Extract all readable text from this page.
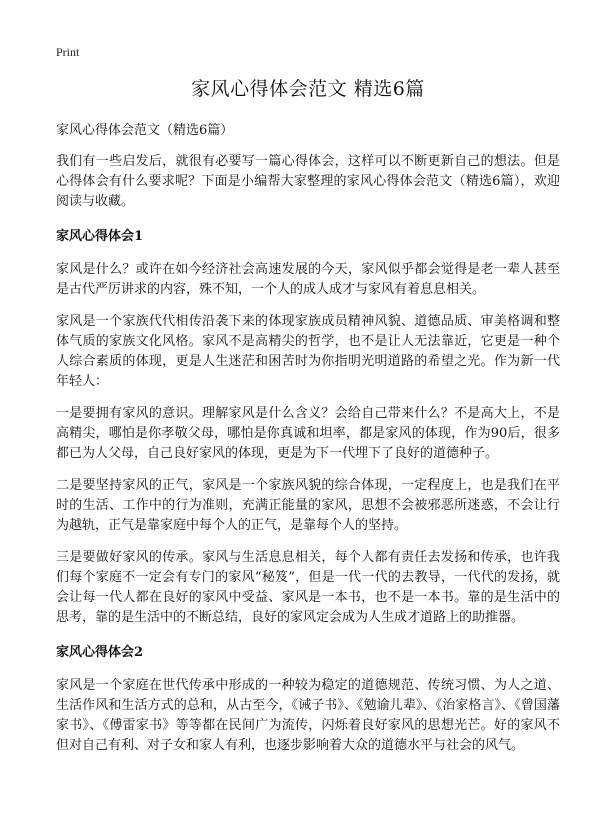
Print

家风心得体会范文 精选6篇

家风心得体会范文（精选6篇）

我们有一些启发后，就很有必要写一篇心得体会，这样可以不断更新自己的想法。但是心得体会有什么要求呢？下面是小编帮大家整理的家风心得体会范文（精选6篇），欢迎阅读与收藏。

家风心得体会1

家风是什么？或许在如今经济社会高速发展的今天，家风似乎都会觉得是老一辈人甚至是古代严厉讲求的内容，殊不知，一个人的成人成才与家风有着息息相关。

家风是一个家族代代相传沿袭下来的体现家族成员精神风貌、道德品质、审美格调和整体气质的家族文化风格。家风不是高精尖的哲学，也不是让人无法靠近，它更是一种个人综合素质的体现，更是人生迷茫和困苦时为你指明光明道路的希望之光。作为新一代年轻人：

一是要拥有家风的意识。理解家风是什么含义？会给自己带来什么？不是高大上，不是高精尖，哪怕是你孝敬父母，哪怕是你真诚和坦率，都是家风的体现，作为90后，很多都已为人父母，自己良好家风的体现，更是为下一代埋下了良好的道德种子。

二是要坚持家风的正气，家风是一个家族风貌的综合体现，一定程度上，也是我们在平时的生活、工作中的行为准则，充满正能量的家风，思想不会被邪恶所迷惑，不会让行为越轨，正气是靠家庭中每个人的正气，是靠每个人的坚持。

三是要做好家风的传承。家风与生活息息相关，每个人都有责任去发扬和传承，也许我们每个家庭不一定会有专门的家风“秘笈”，但是一代一代的去教导，一代代的发扬，就会让每一代人都在良好的家风中受益、家风是一本书，也不是一本书。靠的是生活中的思考，靠的是生活中的不断总结，良好的家风定会成为人生成才道路上的助推器。

家风心得体会2

家风是一个家庭在世代传承中形成的一种较为稳定的道德规范、传统习惯、为人之道、生活作风和生活方式的总和，从古至今，《诫子书》、《勉谕儿辈》、《治家格言》、《曾国藩家书》、《傅雷家书》等等都在民间广为流传，闪烁着良好家风的思想光芒。好的家风不但对自己有利、对子女和家人有利，也逐步影响着大众的道德水平与社会的风气。
